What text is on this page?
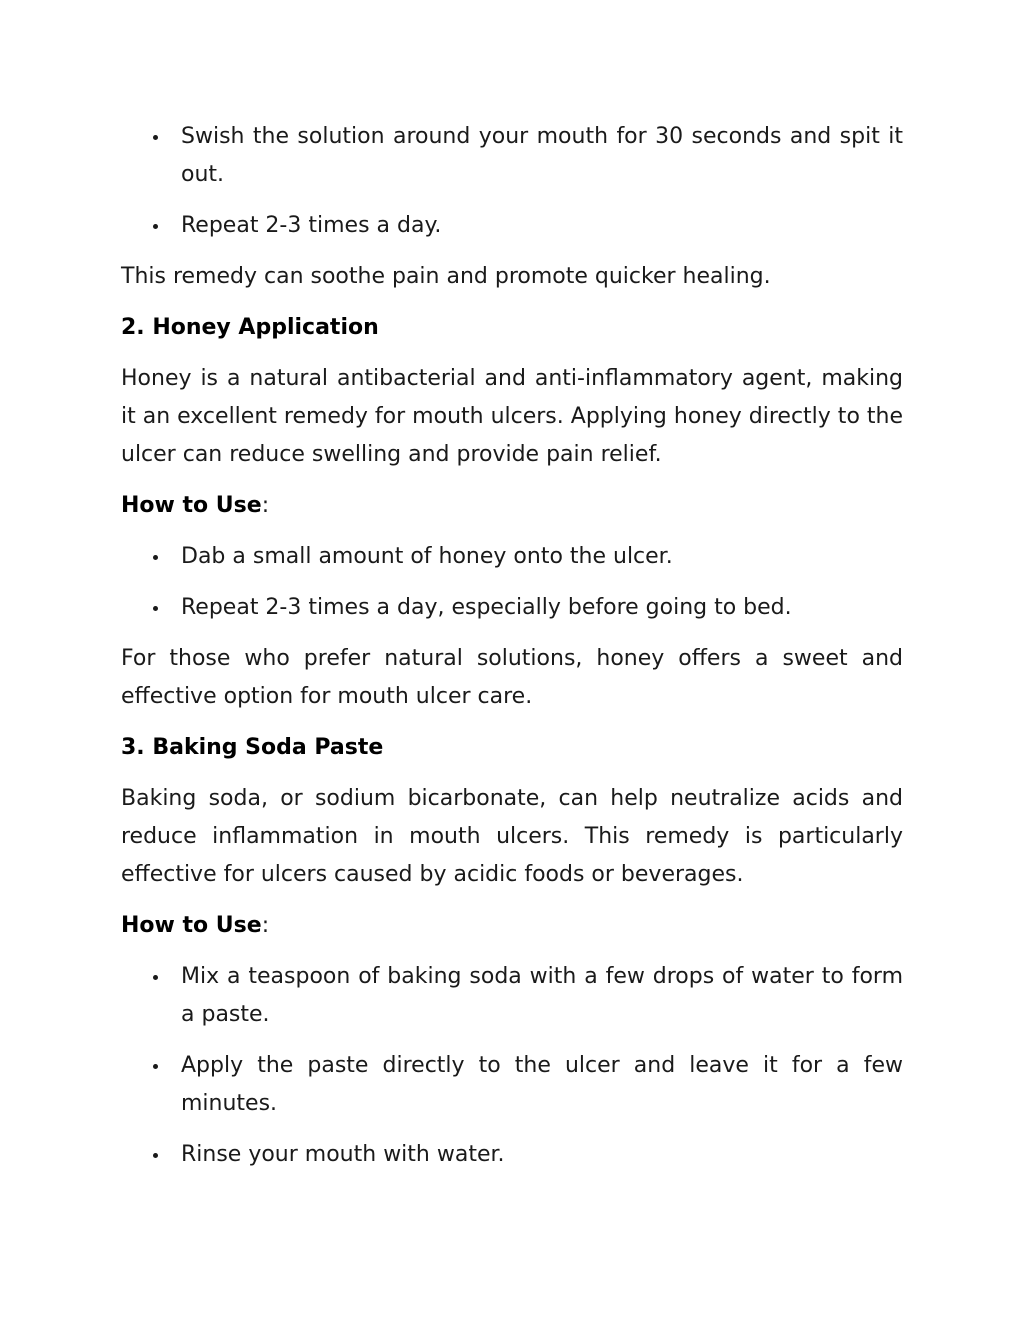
Swish the solution around your mouth for 30 seconds and spit it out.
Repeat 2-3 times a day.

This remedy can soothe pain and promote quicker healing.

2. Honey Application

Honey is a natural antibacterial and anti-inflammatory agent, making it an excellent remedy for mouth ulcers. Applying honey directly to the ulcer can reduce swelling and provide pain relief.

How to Use:
Dab a small amount of honey onto the ulcer.
Repeat 2-3 times a day, especially before going to bed.

For those who prefer natural solutions, honey offers a sweet and effective option for mouth ulcer care.

3. Baking Soda Paste

Baking soda, or sodium bicarbonate, can help neutralize acids and reduce inflammation in mouth ulcers. This remedy is particularly effective for ulcers caused by acidic foods or beverages.

How to Use:
Mix a teaspoon of baking soda with a few drops of water to form a paste.
Apply the paste directly to the ulcer and leave it for a few minutes.
Rinse your mouth with water.
